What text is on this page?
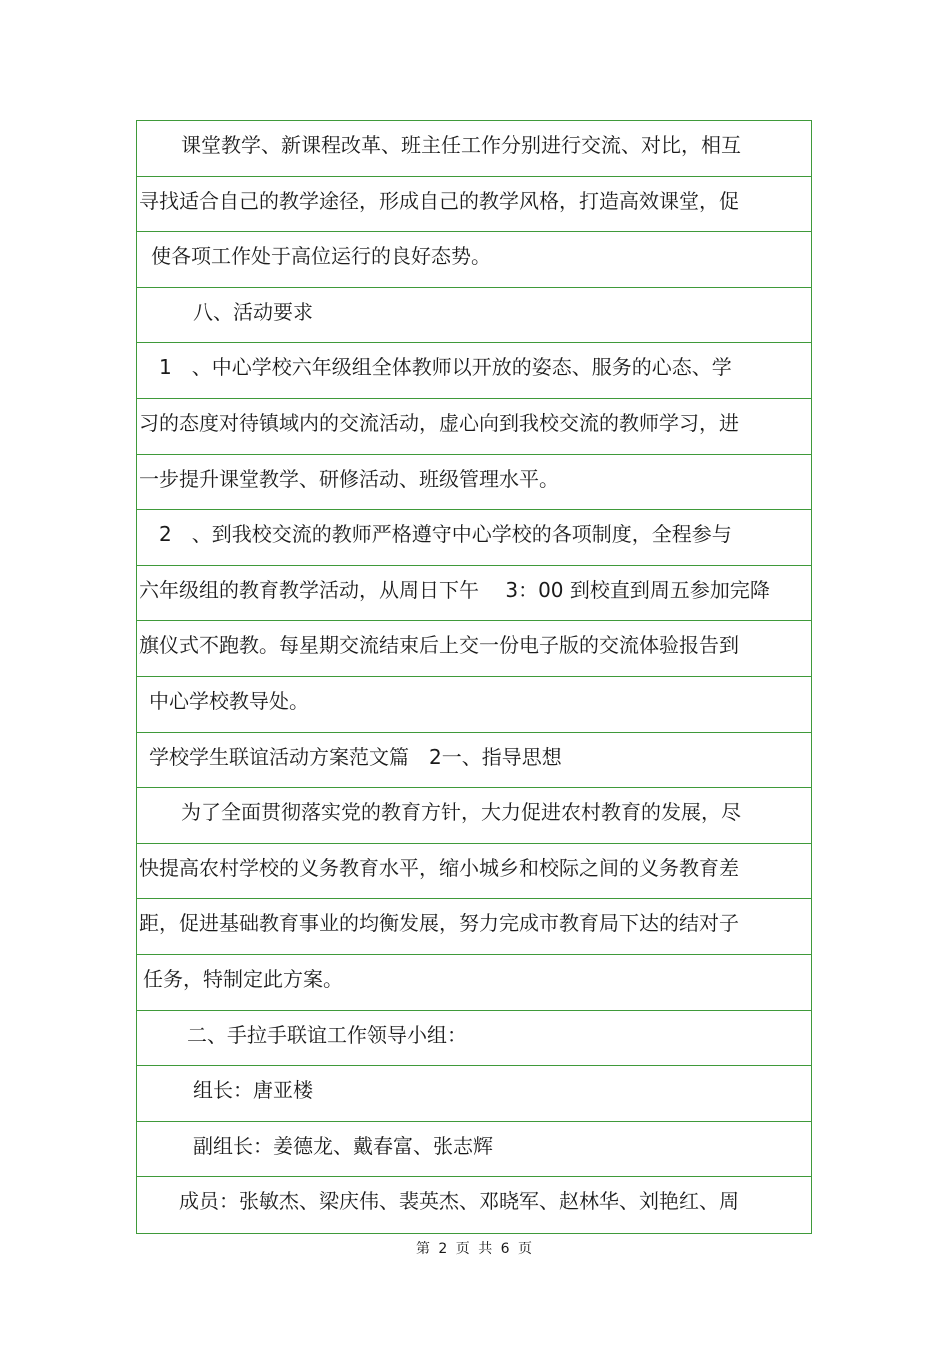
课堂教学、新课程改革、班主任工作分别进行交流、对比，相互
寻找适合自己的教学途径，形成自己的教学风格，打造高效课堂，促
使各项工作处于高位运行的良好态势。
八、活动要求
1　、中心学校六年级组全体教师以开放的姿态、服务的心态、学
习的态度对待镇域内的交流活动，虚心向到我校交流的教师学习，进
一步提升课堂教学、研修活动、班级管理水平。
2　、到我校交流的教师严格遵守中心学校的各项制度，全程参与
六年级组的教育教学活动，从周日下午　 3：00 到校直到周五参加完降
旗仪式不跑教。每星期交流结束后上交一份电子版的交流体验报告到
中心学校教导处。
学校学生联谊活动方案范文篇　2一、指导思想
为了全面贯彻落实党的教育方针，大力促进农村教育的发展，尽
快提高农村学校的义务教育水平，缩小城乡和校际之间的义务教育差
距，促进基础教育事业的均衡发展，努力完成市教育局下达的结对子
任务，特制定此方案。
二、手拉手联谊工作领导小组：
组长：唐亚楼
副组长：姜德龙、戴春富、张志辉
成员：张敏杰、梁庆伟、裴英杰、邓晓军、赵林华、刘艳红、周
第 2 页 共 6 页
